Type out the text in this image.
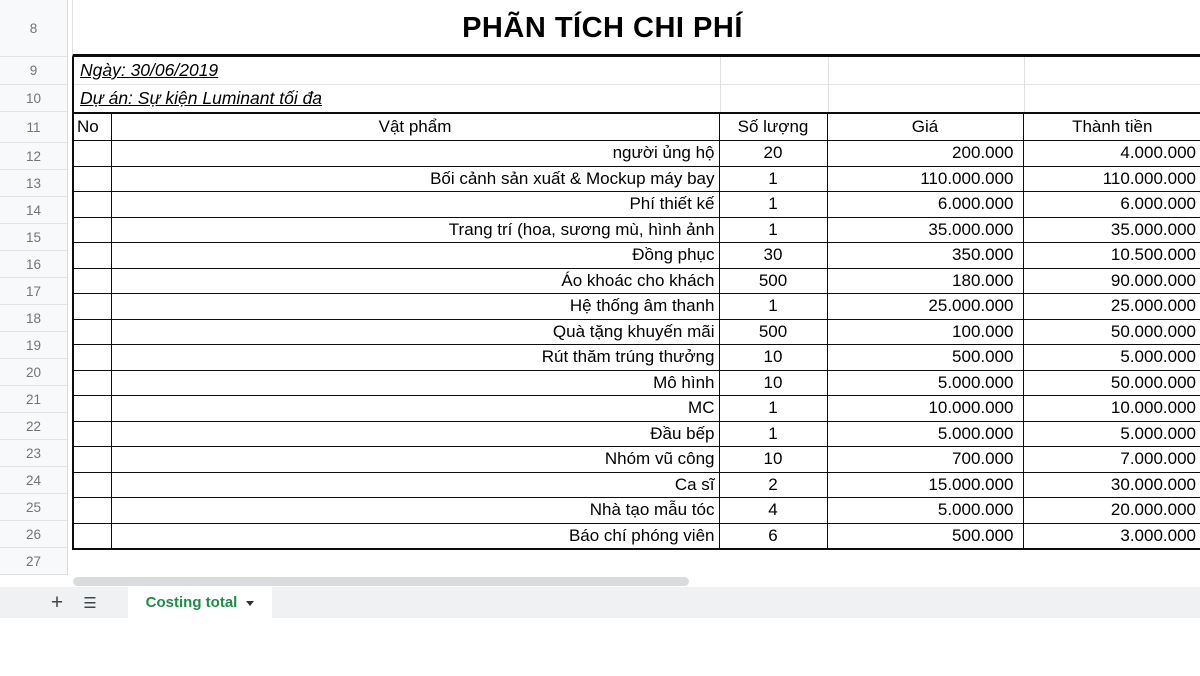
8
9
10
11
12
13
14
15
16
17
18
19
20
21
22
23
24
25
26
27
PHÃN TÍCH CHI PHÍ
Ngày: 30/06/2019
Dự án: Sự kiện Luminant tối đa
No	Vật phẩm	Số lượng	Giá	Thành tiền
	người ủng hộ	20	200.000	4.000.000
	Bối cảnh sản xuất & Mockup máy bay	1	110.000.000	110.000.000
	Phí thiết kế	1	6.000.000	6.000.000
	Trang trí (hoa, sương mù, hình ảnh	1	35.000.000	35.000.000
	Đồng phục	30	350.000	10.500.000
	Áo khoác cho khách	500	180.000	90.000.000
	Hệ thống âm thanh	1	25.000.000	25.000.000
	Quà tặng khuyến mãi	500	100.000	50.000.000
	Rút thăm trúng thưởng	10	500.000	5.000.000
	Mô hình	10	5.000.000	50.000.000
	MC	1	10.000.000	10.000.000
	Đầu bếp	1	5.000.000	5.000.000
	Nhóm vũ công	10	700.000	7.000.000
	Ca sĩ	2	15.000.000	30.000.000
	Nhà tạo mẫu tóc	4	5.000.000	20.000.000
	Báo chí phóng viên	6	500.000	3.000.000
+ ☰	Costing total
